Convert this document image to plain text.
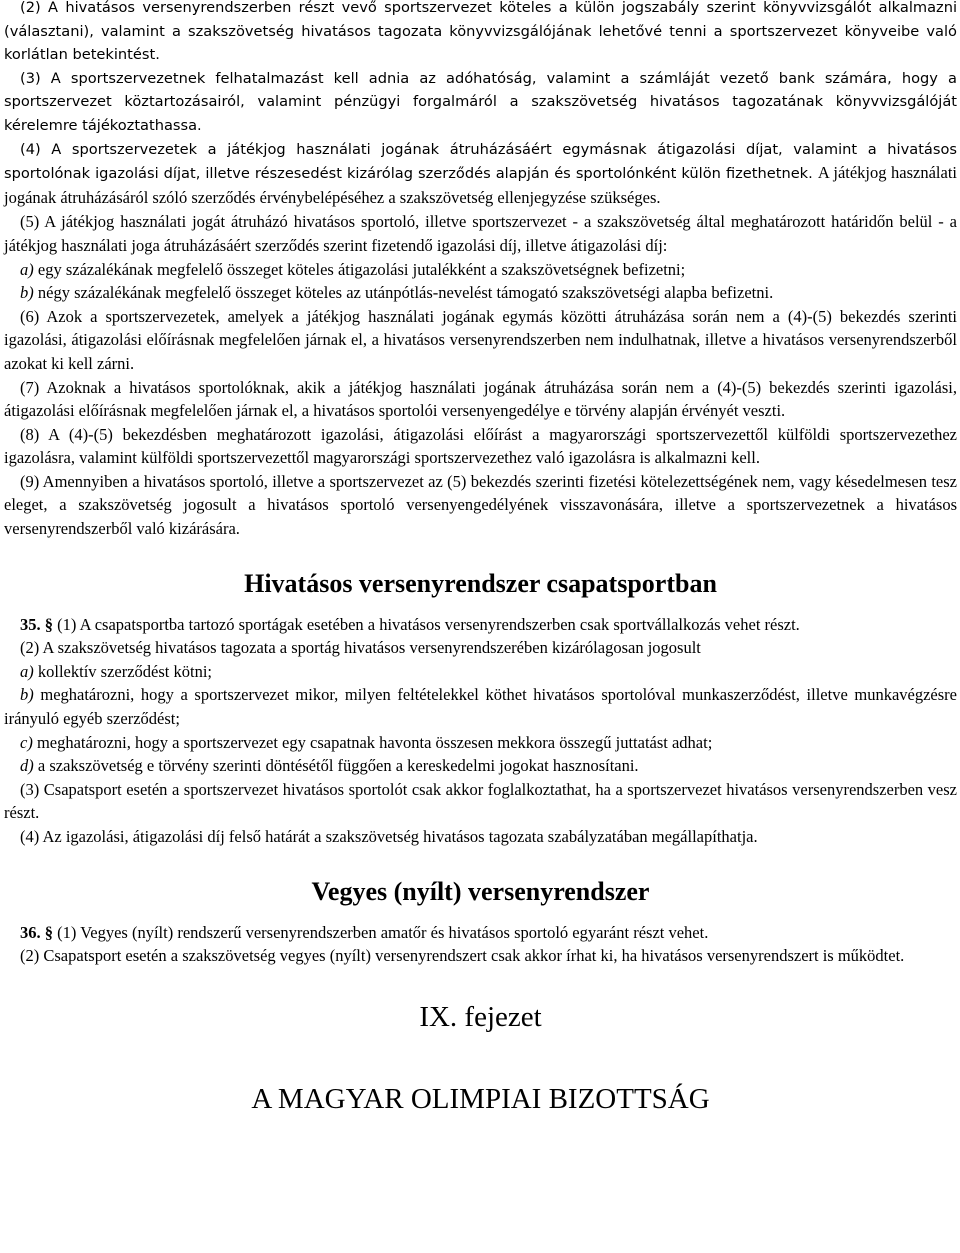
(2) A hivatásos versenyrendszerben részt vevő sportszervezet köteles a külön jogszabály szerint könyvvizsgálót alkalmazni (választani), valamint a szakszövetség hivatásos tagozata könyvvizsgálójának lehetővé tenni a sportszervezet könyveibe való korlátlan betekintést.

(3) A sportszervezetnek felhatalmazást kell adnia az adóhatóság, valamint a számláját vezető bank számára, hogy a sportszervezet köztartozásairól, valamint pénzügyi forgalmáról a szakszövetség hivatásos tagozatának könyvvizsgálóját kérelemre tájékoztathassa.

(4) A sportszervezetek a játékjog használati jogának átruházásáért egymásnak átigazolási díjat, valamint a hivatásos sportolónak igazolási díjat, illetve részesedést kizárólag szerződés alapján és sportolónként külön fizethetnek. A játékjog használati jogának átruházásáról szóló szerződés érvénybelépéséhez a szakszövetség ellenjegyzése szükséges.

(5) A játékjog használati jogát átruházó hivatásos sportoló, illetve sportszervezet - a szakszövetség által meghatározott határidőn belül - a játékjog használati joga átruházásáért szerződés szerint fizetendő igazolási díj, illetve átigazolási díj:

a) egy százalékának megfelelő összeget köteles átigazolási jutalékként a szakszövetségnek befizetni;

b) négy százalékának megfelelő összeget köteles az utánpótlás-nevelést támogató szakszövetségi alapba befizetni.

(6) Azok a sportszervezetek, amelyek a játékjog használati jogának egymás közötti átruházása során nem a (4)-(5) bekezdés szerinti igazolási, átigazolási előírásnak megfelelően járnak el, a hivatásos versenyrendszerben nem indulhatnak, illetve a hivatásos versenyrendszerből azokat ki kell zárni.

(7) Azoknak a hivatásos sportolóknak, akik a játékjog használati jogának átruházása során nem a (4)-(5) bekezdés szerinti igazolási, átigazolási előírásnak megfelelően járnak el, a hivatásos sportolói versenyengedélye e törvény alapján érvényét veszti.

(8) A (4)-(5) bekezdésben meghatározott igazolási, átigazolási előírást a magyarországi sportszervezettől külföldi sportszervezethez igazolásra, valamint külföldi sportszervezettől magyarországi sportszervezethez való igazolásra is alkalmazni kell.

(9) Amennyiben a hivatásos sportoló, illetve a sportszervezet az (5) bekezdés szerinti fizetési kötelezettségének nem, vagy késedelmesen tesz eleget, a szakszövetség jogosult a hivatásos sportoló versenyengedélyének visszavonására, illetve a sportszervezetnek a hivatásos versenyrendszerből való kizárására.

Hivatásos versenyrendszer csapatsportban

35. § (1) A csapatsportba tartozó sportágak esetében a hivatásos versenyrendszerben csak sportvállalkozás vehet részt.

(2) A szakszövetség hivatásos tagozata a sportág hivatásos versenyrendszerében kizárólagosan jogosult

a) kollektív szerződést kötni;

b) meghatározni, hogy a sportszervezet mikor, milyen feltételekkel köthet hivatásos sportolóval munkaszerződést, illetve munkavégzésre irányuló egyéb szerződést;

c) meghatározni, hogy a sportszervezet egy csapatnak havonta összesen mekkora összegű juttatást adhat;

d) a szakszövetség e törvény szerinti döntésétől függően a kereskedelmi jogokat hasznosítani.

(3) Csapatsport esetén a sportszervezet hivatásos sportolót csak akkor foglalkoztathat, ha a sportszervezet hivatásos versenyrendszerben vesz részt.

(4) Az igazolási, átigazolási díj felső határát a szakszövetség hivatásos tagozata szabályzatában megállapíthatja.

Vegyes (nyílt) versenyrendszer

36. § (1) Vegyes (nyílt) rendszerű versenyrendszerben amatőr és hivatásos sportoló egyaránt részt vehet.

(2) Csapatsport esetén a szakszövetség vegyes (nyílt) versenyrendszert csak akkor írhat ki, ha hivatásos versenyrendszert is működtet.

IX. fejezet
A MAGYAR OLIMPIAI BIZOTTSÁG
